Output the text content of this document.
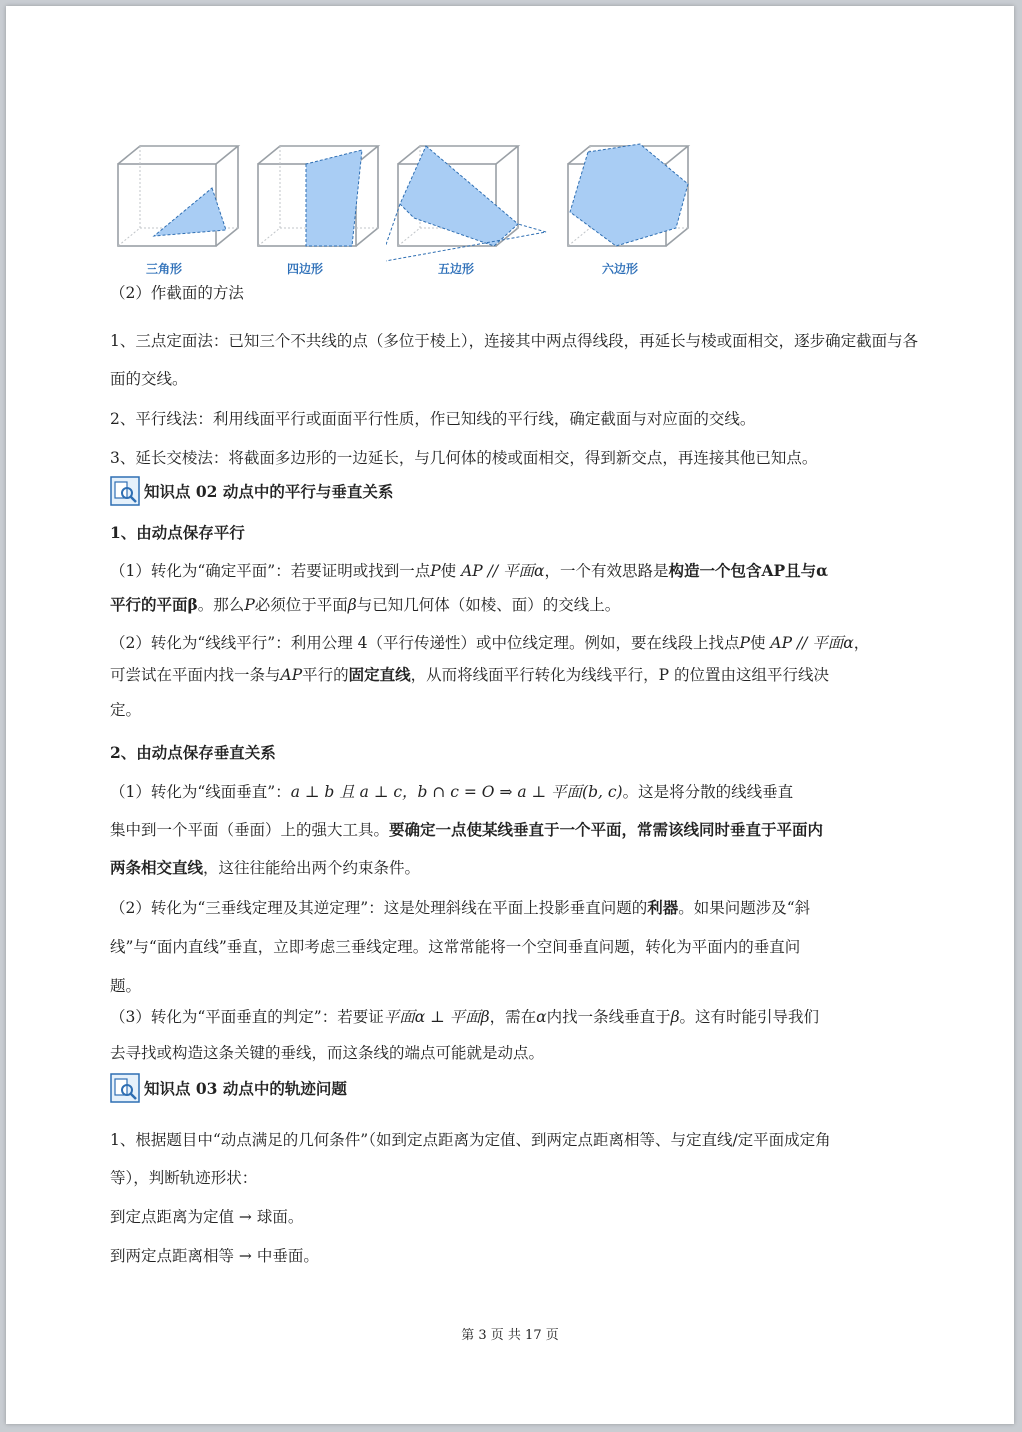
三角形	四边形	五边形	六边形
（2）作截面的方法
1、三点定面法：已知三个不共线的点（多位于棱上），连接其中两点得线段，再延长与棱或面相交，逐步确定截面与各面的交线。
2、平行线法：利用线面平行或面面平行性质，作已知线的平行线，确定截面与对应面的交线。
3、延长交棱法：将截面多边形的一边延长，与几何体的棱或面相交，得到新交点，再连接其他已知点。
知识点 02 动点中的平行与垂直关系
1、由动点保存平行
（1）转化为“确定平面”：若要证明或找到一点P使 AP // 平面α，一个有效思路是构造一个包含AP且与α
平行的平面β。那么P必须位于平面β与已知几何体（如棱、面）的交线上。
（2）转化为“线线平行”：利用公理 4（平行传递性）或中位线定理。例如，要在线段上找点P使 AP // 平面α，
可尝试在平面内找一条与AP平行的固定直线，从而将线面平行转化为线线平行，P 的位置由这组平行线决
定。
2、由动点保存垂直关系
（1）转化为“线面垂直”：a ⊥ b 且 a ⊥ c，b ∩ c = O ⇒ a ⊥ 平面(b, c)。这是将分散的线线垂直
集中到一个平面（垂面）上的强大工具。要确定一点使某线垂直于一个平面，常需该线同时垂直于平面内
两条相交直线，这往往能给出两个约束条件。
（2）转化为“三垂线定理及其逆定理”：这是处理斜线在平面上投影垂直问题的利器。如果问题涉及“斜
线”与“面内直线”垂直，立即考虑三垂线定理。这常常能将一个空间垂直问题，转化为平面内的垂直问
题。
（3）转化为“平面垂直的判定”：若要证平面α ⊥ 平面β，需在α内找一条线垂直于β。这有时能引导我们
去寻找或构造这条关键的垂线，而这条线的端点可能就是动点。
知识点 03 动点中的轨迹问题
1、根据题目中“动点满足的几何条件”（如到定点距离为定值、到两定点距离相等、与定直线/定平面成定角
等），判断轨迹形状：
到定点距离为定值 → 球面。
到两定点距离相等 → 中垂面。
第 3 页 共 17 页
